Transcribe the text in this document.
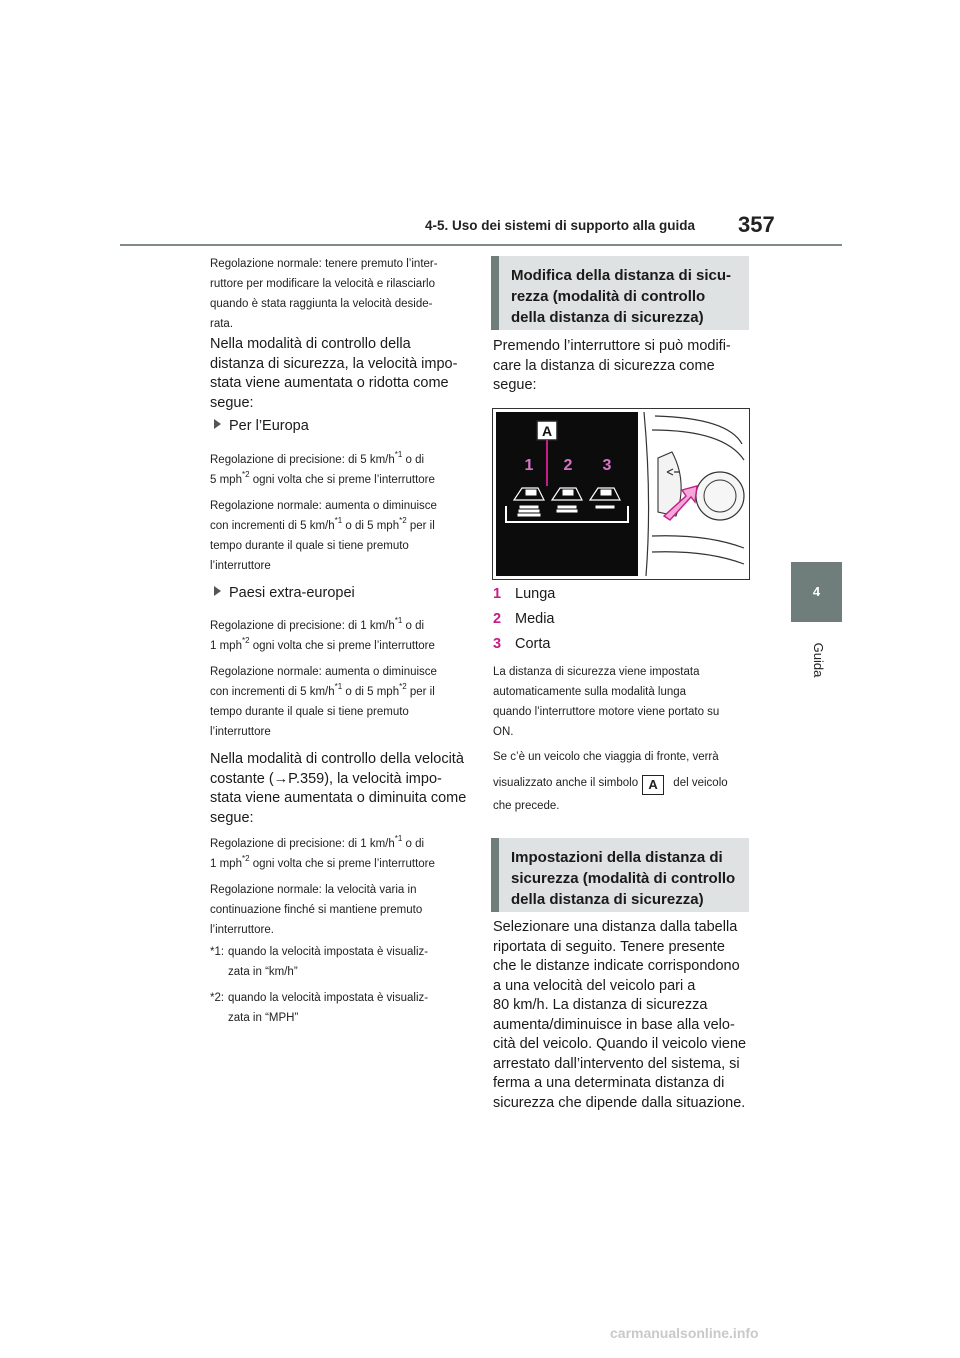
4-5. Uso dei sistemi di supporto alla guida 357
4
Guida

Regolazione normale: tenere premuto l’inter-

ruttore per modificare la velocità e rilasciarlo

quando è stata raggiunta la velocità deside-

rata.

Nella modalità di controllo della

distanza di sicurezza, la velocità impo-

stata viene aumentata o ridotta come

segue:

Per l’Europa

Regolazione di precisione: di 5 $km/h^{*1}$ o di

5 mph$^{*2}$ ogni volta che si preme l’interruttore

Regolazione normale: aumenta o diminuisce

con incrementi di 5 $km/h^{*1}$ o di 5 mph$^{*2}$ per il

tempo durante il quale si tiene premuto

l’interruttore

Paesi extra-europei

Regolazione di precisione: di 1 $km/h^{*1}$ o di

1 mph$^{*2}$ ogni volta che si preme l’interruttore

Regolazione normale: aumenta o diminuisce

con incrementi di 5 $km/h^{*1}$ o di 5 mph$^{*2}$ per il

tempo durante il quale si tiene premuto

l’interruttore

Nella modalità di controllo della velocità

costante (→P.359), la velocità impo-

stata viene aumentata o diminuita come

segue:

Regolazione di precisione: di 1 $km/h^{*1}$ o di

1 mph$^{*2}$ ogni volta che si preme l’interruttore

Regolazione normale: la velocità varia in

continuazione finché si mantiene premuto

l’interruttore.

*1: quando la velocità impostata è visualiz-

zata in “km/h”

*2: quando la velocità impostata è visualiz-

zata in “MPH”

Modifica della distanza di sicu-

rezza (modalità di controllo

della distanza di sicurezza)

Premendo l’interruttore si può modifi-

care la distanza di sicurezza come

segue:

A
1 2 3
1 Lunga
2 Media
3 Corta

La distanza di sicurezza viene impostata

automaticamente sulla modalità lunga

quando l’interruttore motore viene portato su

ON.

Se c’è un veicolo che viaggia di fronte, verrà

visualizzato anche il simbolo A del veicolo

che precede.

Impostazioni della distanza di

sicurezza (modalità di controllo

della distanza di sicurezza)

Selezionare una distanza dalla tabella

riportata di seguito. Tenere presente

che le distanze indicate corrispondono

a una velocità del veicolo pari a

80 km/h. La distanza di sicurezza

aumenta/diminuisce in base alla velo-

cità del veicolo. Quando il veicolo viene

arrestato dall’intervento del sistema, si

ferma a una determinata distanza di

sicurezza che dipende dalla situazione.

carmanualsonline.info
